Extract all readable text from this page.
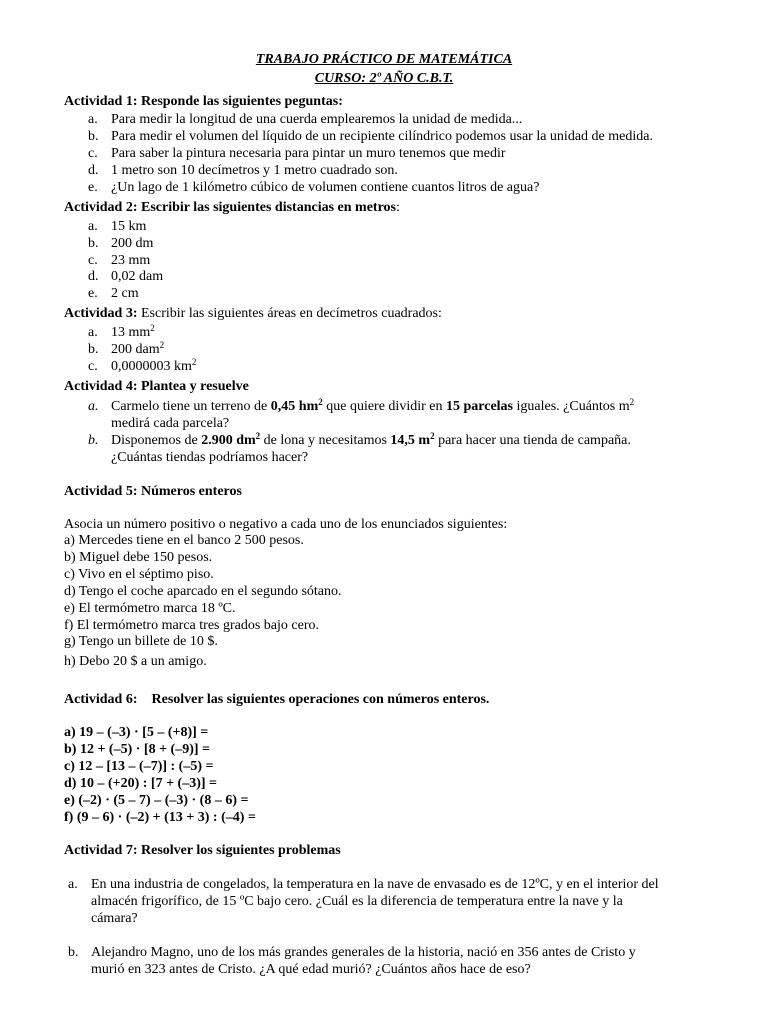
TRABAJO PRÁCTICO DE MATEMÁTICA
CURSO: 2º AÑO C.B.T.
Actividad 1: Responde las siguientes peguntas:
a. Para medir la longitud de una cuerda emplearemos la unidad de medida...
b. Para medir el volumen del líquido de un recipiente cilíndrico podemos usar la unidad de medida.
c. Para saber la pintura necesaria para pintar un muro tenemos que medir
d. 1 metro son 10 decímetros y 1 metro cuadrado son.
e. ¿Un lago de 1 kilómetro cúbico de volumen contiene cuantos litros de agua?
Actividad 2: Escribir las siguientes distancias en metros:
a. 15 km
b. 200 dm
c. 23 mm
d. 0,02 dam
e. 2 cm
Actividad 3: Escribir las siguientes áreas en decímetros cuadrados:
a. 13 $mm^2$
b. 200 dam$^2$
c. 0,0000003 $km^2$
Actividad 4: Plantea y resuelve
a. Carmelo tiene un terreno de 0,45 $hm^2$ que quiere dividir en 15 parcelas iguales. ¿Cuántos $m^2$
medirá cada parcela?
b. Disponemos de 2.900 $dm^2$ de lona y necesitamos 14,5 $m^2$ para hacer una tienda de campaña.
¿Cuántas tiendas podríamos hacer?
Actividad 5: Números enteros
Asocia un número positivo o negativo a cada uno de los enunciados siguientes:
a) Mercedes tiene en el banco 2 500 pesos.
b) Miguel debe 150 pesos.
c) Vivo en el séptimo piso.
d) Tengo el coche aparcado en el segundo sótano.
e) El termómetro marca 18 ºC.
f) El termómetro marca tres grados bajo cero.
g) Tengo un billete de 10 $.
h) Debo 20 $ a un amigo.
Actividad 6:    Resolver las siguientes operaciones con números enteros.
a) 19 – (–3) · [5 – (+8)] =
b) 12 + (–5) · [8 + (–9)] =
c) 12 – [13 – (–7)] : (–5) =
d) 10 – (+20) : [7 + (–3)] =
e) (–2) · (5 – 7) – (–3) · (8 – 6) =
f) (9 – 6) · (–2) + (13 + 3) : (–4) =
Actividad 7: Resolver los siguientes problemas
a. En una industria de congelados, la temperatura en la nave de envasado es de 12ºC, y en el interior del
almacén frigorífico, de 15 ºC bajo cero. ¿Cuál es la diferencia de temperatura entre la nave y la
cámara?
b. Alejandro Magno, uno de los más grandes generales de la historia, nació en 356 antes de Cristo y
murió en 323 antes de Cristo. ¿A qué edad murió? ¿Cuántos años hace de eso?
